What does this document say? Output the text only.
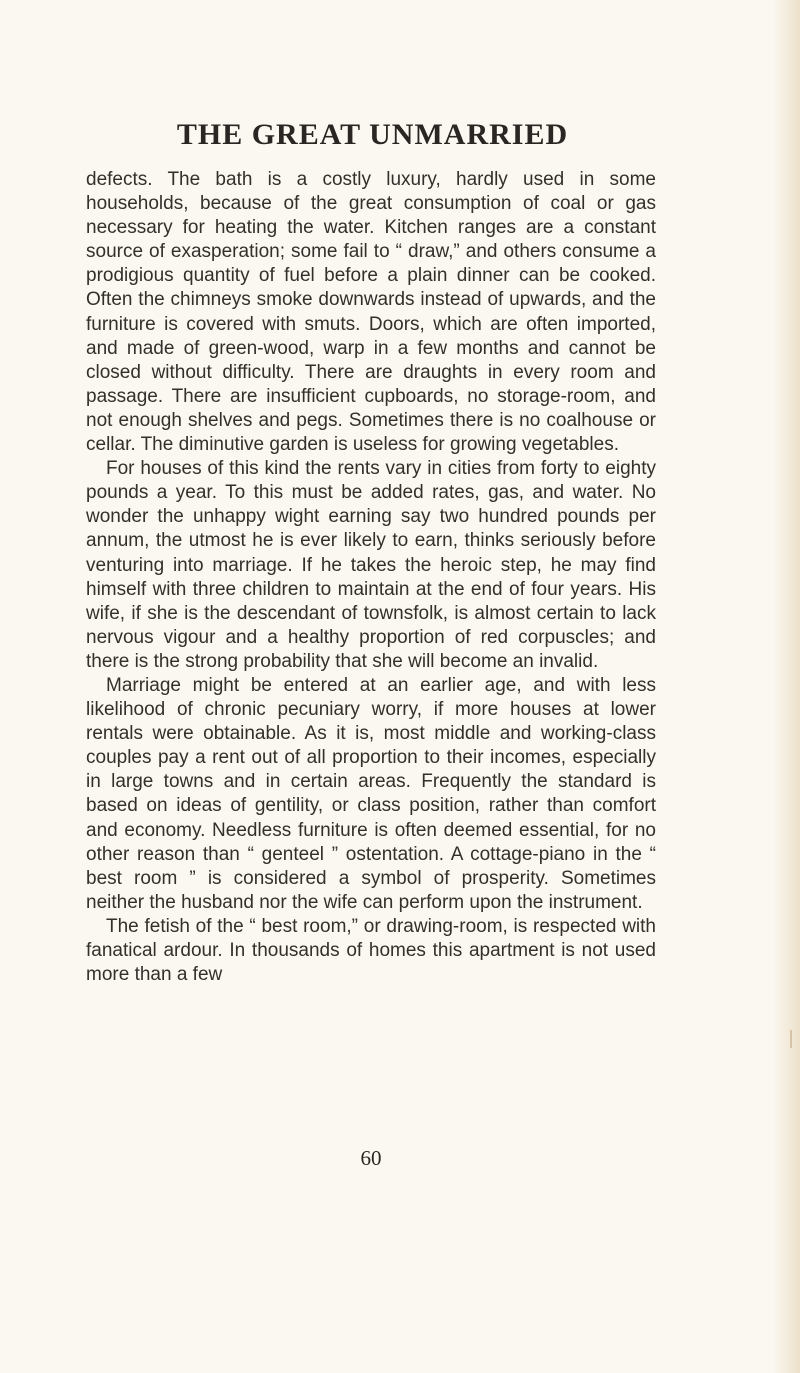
THE GREAT UNMARRIED

defects. The bath is a costly luxury, hardly used in some households, because of the great consumption of coal or gas necessary for heating the water. Kitchen ranges are a constant source of exasperation; some fail to “ draw,” and others consume a prodigious quantity of fuel before a plain dinner can be cooked. Often the chimneys smoke downwards instead of upwards, and the furniture is covered with smuts. Doors, which are often imported, and made of green-wood, warp in a few months and cannot be closed without difficulty. There are draughts in every room and passage. There are insufficient cupboards, no storage-room, and not enough shelves and pegs. Sometimes there is no coalhouse or cellar. The diminutive garden is useless for growing vegetables.

For houses of this kind the rents vary in cities from forty to eighty pounds a year. To this must be added rates, gas, and water. No wonder the unhappy wight earning say two hundred pounds per annum, the utmost he is ever likely to earn, thinks seriously before venturing into marriage. If he takes the heroic step, he may find himself with three children to maintain at the end of four years. His wife, if she is the descendant of townsfolk, is almost certain to lack nervous vigour and a healthy proportion of red corpuscles; and there is the strong probability that she will become an invalid.

Marriage might be entered at an earlier age, and with less likelihood of chronic pecuniary worry, if more houses at lower rentals were obtainable. As it is, most middle and working-class couples pay a rent out of all proportion to their incomes, especially in large towns and in certain areas. Frequently the standard is based on ideas of gentility, or class position, rather than comfort and economy. Needless furniture is often deemed essential, for no other reason than “ genteel ” ostentation. A cottage-piano in the “ best room ” is considered a symbol of prosperity. Sometimes neither the husband nor the wife can perform upon the instrument.

The fetish of the “ best room,” or drawing-room, is respected with fanatical ardour. In thousands of homes this apartment is not used more than a few

60
